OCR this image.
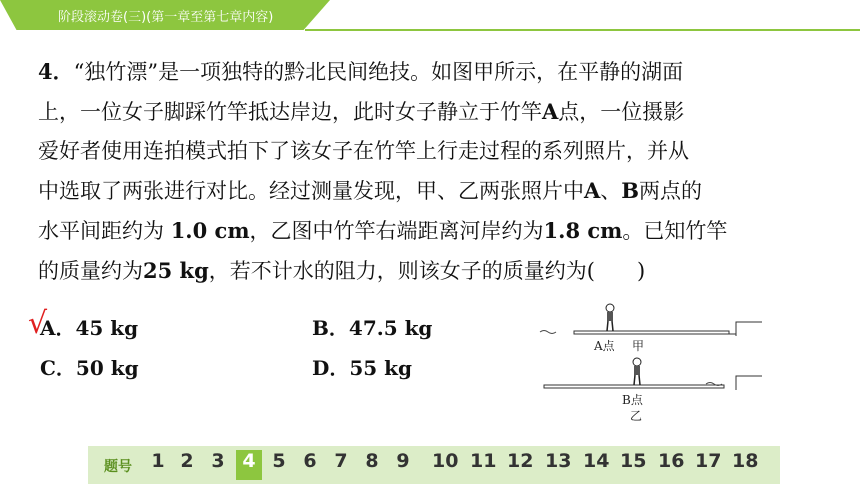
阶段滚动卷(三)(第一章至第七章内容)
4．“独竹漂”是一项独特的黔北民间绝技。如图甲所示，在平静的湖面
上，一位女子脚踩竹竿抵达岸边，此时女子静立于竹竿A点，一位摄影
爱好者使用连拍模式拍下了该女子在竹竿上行走过程的系列照片，并从
中选取了两张进行对比。经过测量发现，甲、乙两张照片中A、B两点的
水平间距约为 1.0 cm，乙图中竹竿右端距离河岸约为1.8 cm。已知竹竿
的质量约为25 kg，若不计水的阻力，则该女子的质量约为(　　)
√
A．45 kg	B．47.5 kg
C．50 kg	D．55 kg
A点 甲
B点
乙
题号	1 2 3 4 5 6 7 8 9	10 11 12 13 14 15 16 17 18
